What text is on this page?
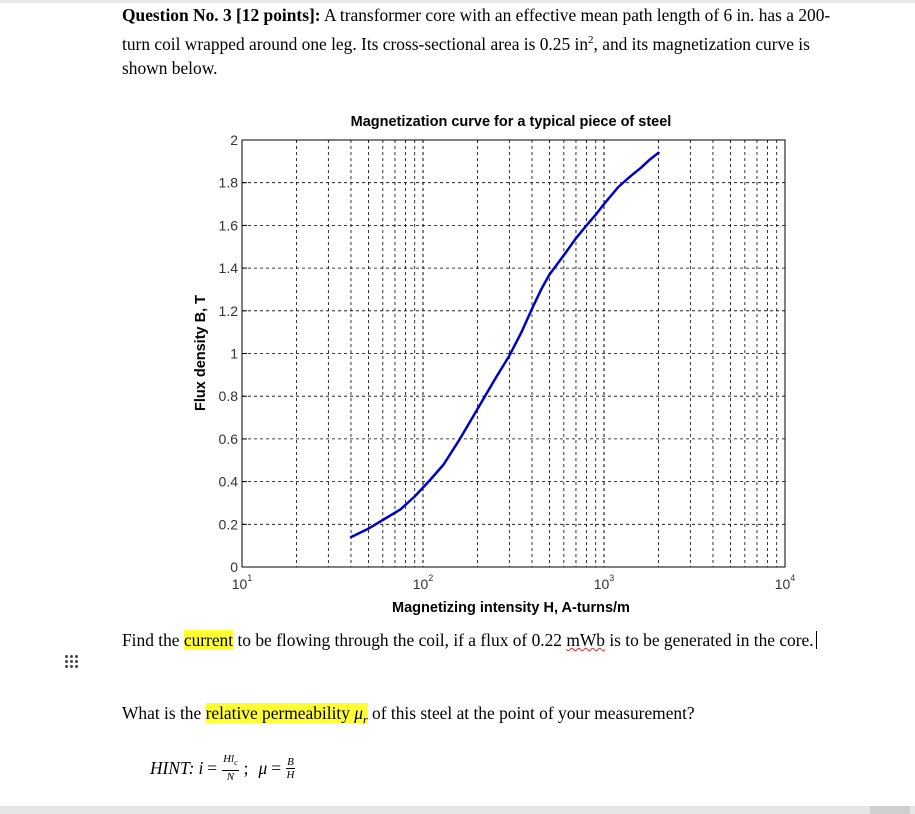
Question No. 3 [12 points]: A transformer core with an effective mean path length of 6 in. has a 200-turn coil wrapped around one leg. Its cross-sectional area is 0.25 $in^2$, and its magnetization curve is shown below.
Magnetization curve for a typical piece of steel
Magnetizing intensity H, A-turns/m
Flux density B, T
0
0.2
0.4
0.6
0.8
1
1.2
1.4
1.6
1.8
2
$10^1$	$10^2$	$10^3$	$10^4$
Find the current to be flowing through the coil, if a flux of 0.22 mWb is to be generated in the core.
What is the relative permeability $\mu_r$ of this steel at the point of your measurement?
HINT: $i = \frac{Hl_c}{N}$ ; $\mu = \frac{B}{H}$
